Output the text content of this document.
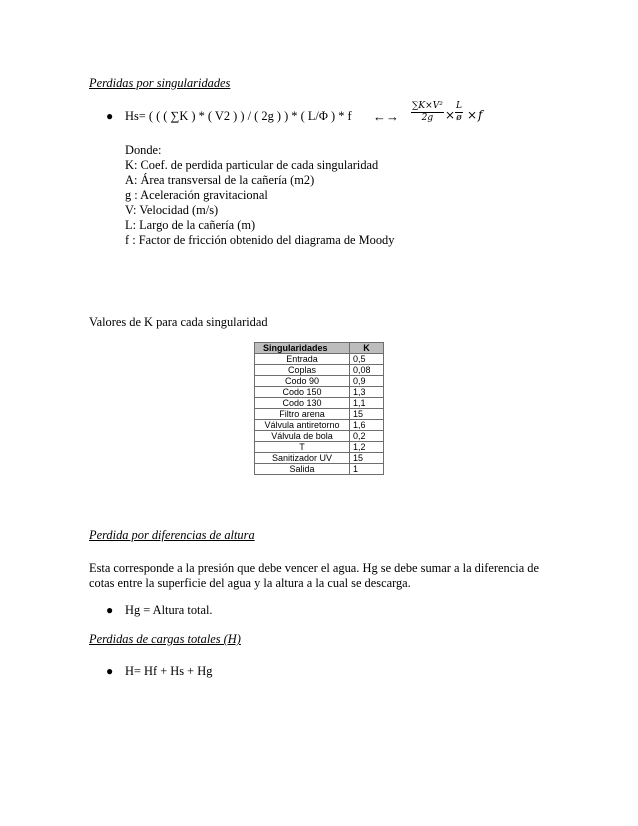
Perdidas por singularidades
● Hs= ( ( ( ∑K ) * ( V2 ) ) / ( 2g ) ) * ( L/Φ ) * f ←→ $\frac{\text{∑K×V²}}{2g} \times \frac{L}{ø} \times f$
Donde:
K: Coef. de perdida particular de cada singularidad
A: Área transversal de la cañería (m2)
g : Aceleración gravitacional
V: Velocidad (m/s)
L: Largo de la cañería (m)
f : Factor de fricción obtenido del diagrama de Moody
Valores de K para cada singularidad
Singularidades	K
Entrada	0,5
Coplas	0,08
Codo 90	0,9
Codo 150	1,3
Codo 130	1,1
Filtro arena	15
Válvula antiretorno	1,6
Válvula de bola	0,2
T	1,2
Sanitizador UV	15
Salida	1
Perdida por diferencias de altura
Esta corresponde a la presión que debe vencer el agua. Hg se debe sumar a la diferencia de
cotas entre la superficie del agua y la altura a la cual se descarga.
● Hg = Altura total.
Perdidas de cargas totales (H)
● H= Hf + Hs + Hg
